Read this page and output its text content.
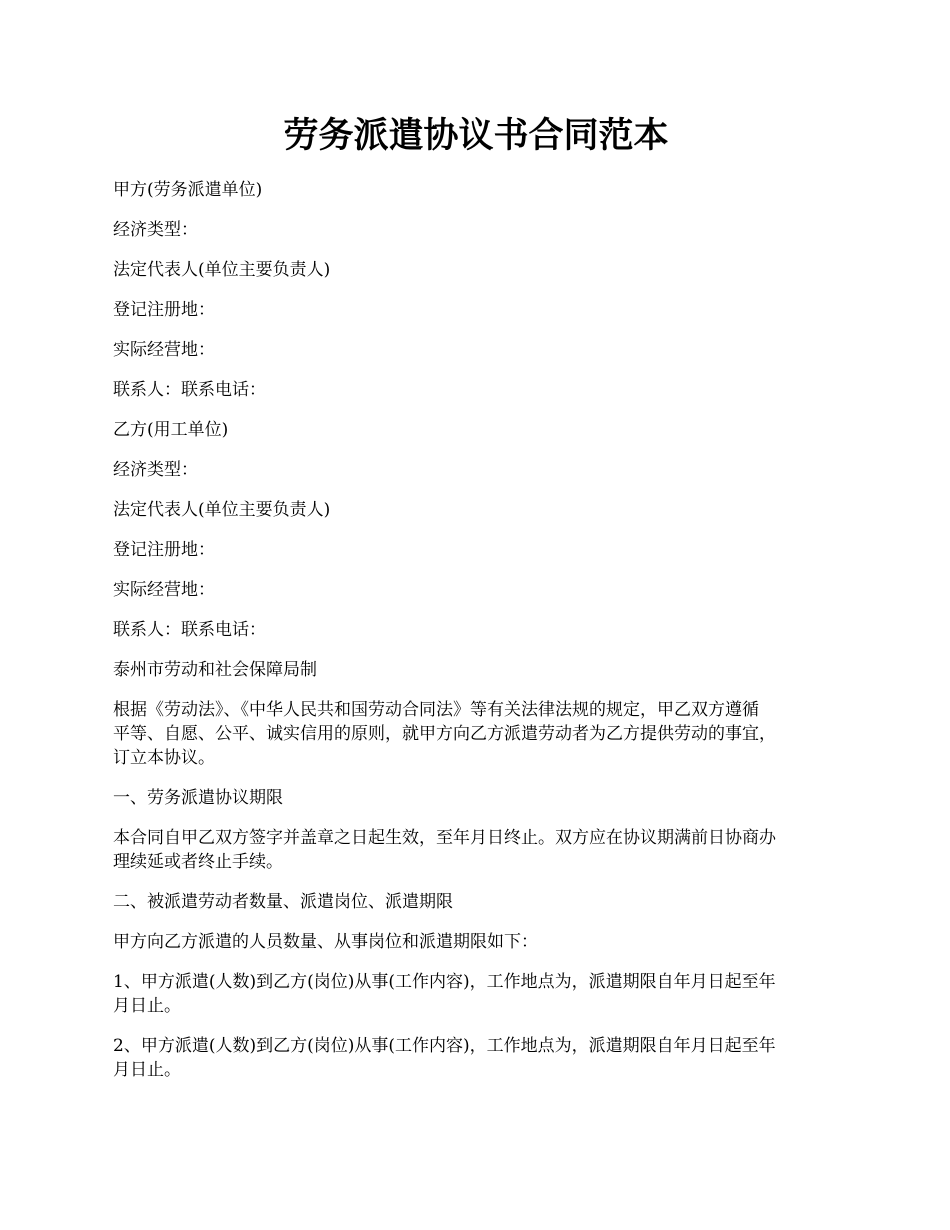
劳务派遣协议书合同范本

甲方(劳务派遣单位)

经济类型：

法定代表人(单位主要负责人)

登记注册地：

实际经营地：

联系人：联系电话：

乙方(用工单位)

经济类型：

法定代表人(单位主要负责人)

登记注册地：

实际经营地：

联系人：联系电话：

泰州市劳动和社会保障局制

根据《劳动法》、《中华人民共和国劳动合同法》等有关法律法规的规定，甲乙双方遵循
平等、自愿、公平、诚实信用的原则，就甲方向乙方派遣劳动者为乙方提供劳动的事宜，
订立本协议。

一、劳务派遣协议期限

本合同自甲乙双方签字并盖章之日起生效，至年月日终止。双方应在协议期满前日协商办
理续延或者终止手续。

二、被派遣劳动者数量、派遣岗位、派遣期限

甲方向乙方派遣的人员数量、从事岗位和派遣期限如下：

1、甲方派遣(人数)到乙方(岗位)从事(工作内容)，工作地点为，派遣期限自年月日起至年
月日止。

2、甲方派遣(人数)到乙方(岗位)从事(工作内容)，工作地点为，派遣期限自年月日起至年
月日止。
